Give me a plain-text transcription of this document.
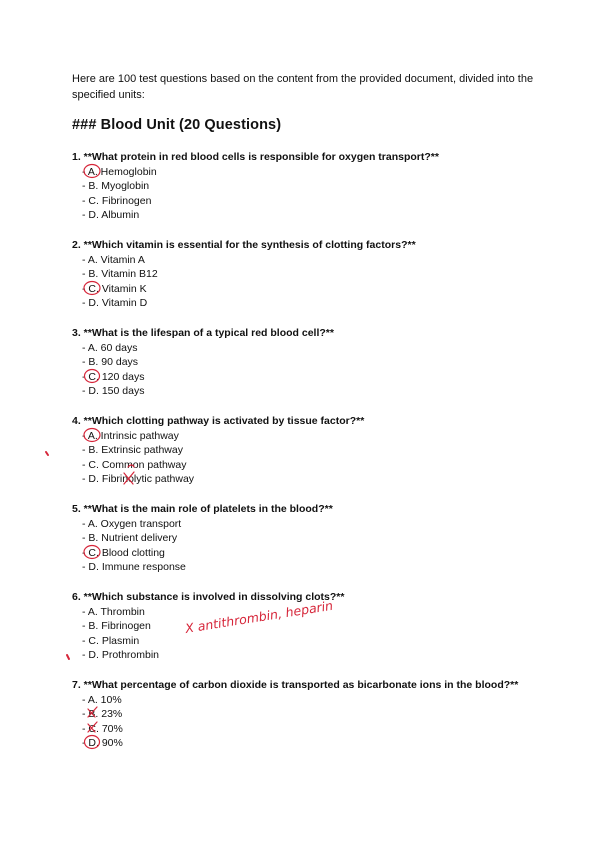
Here are 100 test questions based on the content from the provided document, divided into the specified units:
### Blood Unit (20 Questions)
1. **What protein in red blood cells is responsible for oxygen transport?**
- A. Hemoglobin
- B. Myoglobin
- C. Fibrinogen
- D. Albumin
2. **Which vitamin is essential for the synthesis of clotting factors?**
- A. Vitamin A
- B. Vitamin B12
- C. Vitamin K
- D. Vitamin D
3. **What is the lifespan of a typical red blood cell?**
- A. 60 days
- B. 90 days
- C. 120 days
- D. 150 days
4. **Which clotting pathway is activated by tissue factor?**
- A. Intrinsic pathway
- B. Extrinsic pathway
- C. Common pathway
- D. Fibrinolytic pathway
5. **What is the main role of platelets in the blood?**
- A. Oxygen transport
- B. Nutrient delivery
- C. Blood clotting
- D. Immune response
6. **Which substance is involved in dissolving clots?**
- A. Thrombin
- B. Fibrinogen
- C. Plasmin
- D. Prothrombin
7. **What percentage of carbon dioxide is transported as bicarbonate ions in the blood?**
- A. 10%
- B. 23%
- C. 70%
- D. 90%
X antithrombin, heparin
